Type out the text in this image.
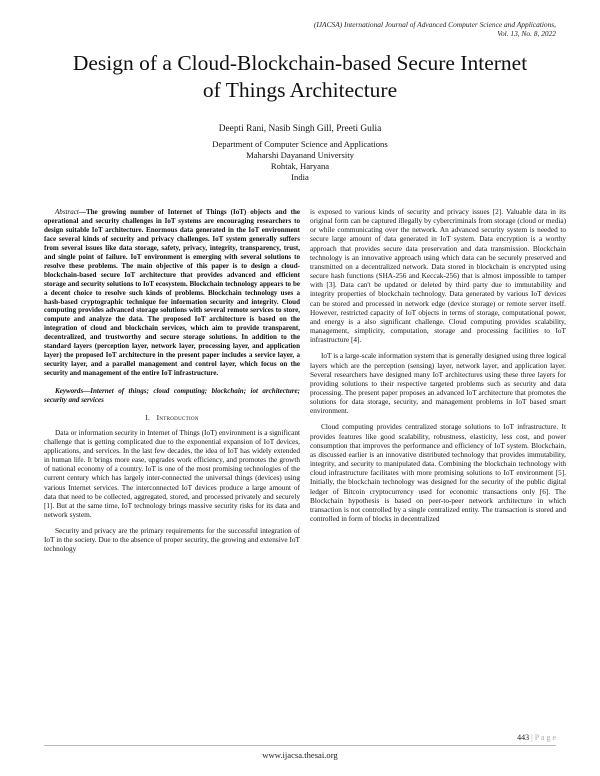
(IJACSA) International Journal of Advanced Computer Science and Applications,
Vol. 13, No. 8, 2022
Design of a Cloud-Blockchain-based Secure Internet
of Things Architecture
Deepti Rani, Nasib Singh Gill, Preeti Gulia
Department of Computer Science and Applications
Maharshi Dayanand University
Rohtak, Haryana
India

Abstract—The growing number of Internet of Things (IoT) objects and the operational and security challenges in IoT systems are encouraging researchers to design suitable IoT architecture. Enormous data generated in the IoT environment face several kinds of security and privacy challenges. IoT system generally suffers from several issues like data storage, safety, privacy, integrity, transparency, trust, and single point of failure. IoT environment is emerging with several solutions to resolve these problems. The main objective of this paper is to design a cloud-blockchain-based secure IoT architecture that provides advanced and efficient storage and security solutions to IoT ecosystem. Blockchain technology appears to be a decent choice to resolve such kinds of problems. Blockchain technology uses a hash-based cryptographic technique for information security and integrity. Cloud computing provides advanced storage solutions with several remote services to store, compute and analyze the data. The proposed IoT architecture is based on the integration of cloud and blockchain services, which aim to provide transparent, decentralized, and trustworthy and secure storage solutions. In addition to the standard layers (perception layer, network layer, processing layer, and application layer) the proposed IoT architecture in the present paper includes a service layer, a security layer, and a parallel management and control layer, which focus on the security and management of the entire IoT infrastructure.

Keywords—Internet of things; cloud computing; blockchain; iot architecture; security and services

I. Introduction

Data or information security in Internet of Things (IoT) environment is a significant challenge that is getting complicated due to the exponential expansion of IoT devices, applications, and services. In the last few decades, the idea of IoT has widely extended in human life. It brings more ease, upgrades work efficiency, and promotes the growth of national economy of a country. IoT is one of the most promising technologies of the current century which has largely inter-connected the universal things (devices) using various Internet services. The interconnected IoT devices produce a large amount of data that need to be collected, aggregated, stored, and processed privately and securely [1]. But at the same time, IoT technology brings massive security risks for its data and network system.

Security and privacy are the primary requirements for the successful integration of IoT in the society. Due to the absence of proper security, the growing and extensive IoT technology

is exposed to various kinds of security and privacy issues [2]. Valuable data in its original form can be captured illegally by cybercriminals from storage (cloud or media) or while communicating over the network. An advanced security system is needed to secure large amount of data generated in IoT system. Data encryption is a worthy approach that provides secure data preservation and data transmission. Blockchain technology is an innovative approach using which data can be securely preserved and transmitted on a decentralized network. Data stored in blockchain is encrypted using secure hash functions (SHA-256 and Keccak-256) that is almost impossible to tamper with [3]. Data can't be updated or deleted by third party due to immutability and integrity properties of blockchain technology. Data generated by various IoT devices can be stored and processed in network edge (device storage) or remote server itself. However, restricted capacity of IoT objects in terms of storage, computational power, and energy is a also significant challenge. Cloud computing provides scalability, management, simplicity, computation, storage and processing facilities to IoT infrastructure [4].

IoT is a large-scale information system that is generally designed using three logical layers which are the perception (sensing) layer, network layer, and application layer. Several researchers have designed many IoT architectures using these three layers for providing solutions to their respective targeted problems such as security and data processing. The present paper proposes an advanced IoT architecture that promotes the solutions for data storage, security, and management problems in IoT based smart environment.

Cloud computing provides centralized storage solutions to IoT infrastructure. It provides features like good scalability, robustness, elasticity, less cost, and power consumption that improves the performance and efficiency of IoT system. Blockchain, as discussed earlier is an innovative distributed technology that provides immutability, integrity, and security to manipulated data. Combining the blockchain technology with cloud infrastructure facilitates with more promising solutions to IoT environment [5]. Initially, the blockchain technology was designed for the security of the public digital ledger of Bitcoin cryptocurrency used for economic transactions only [6]. The Blockchain hypothesis is based on peer-to-peer network architecture in which transaction is not controlled by a single centralized entity. The transaction is stored and controlled in form of blocks in decentralized

443 | P a g e
www.ijacsa.thesai.org
